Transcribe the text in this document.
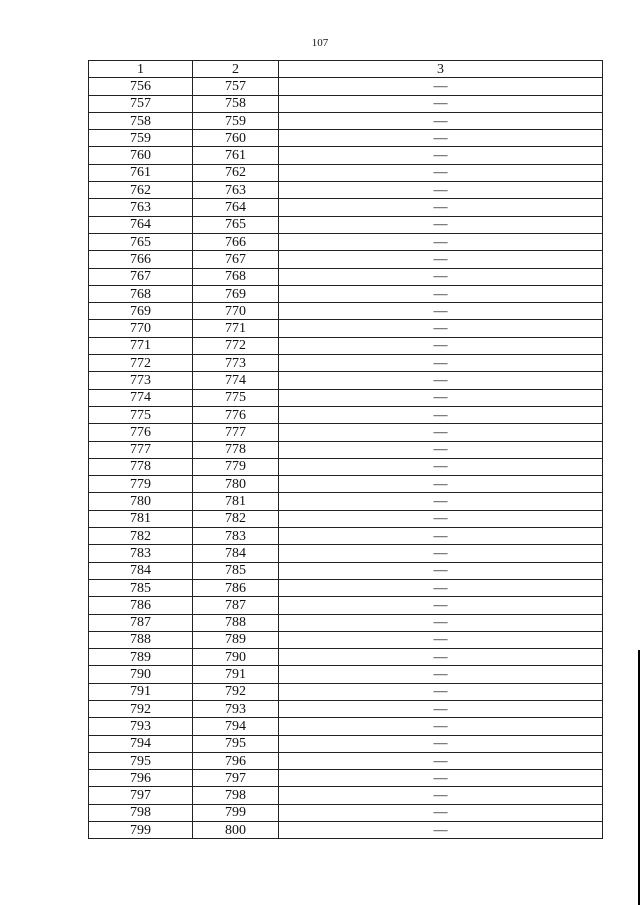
107
1	2	3
756	757	—
757	758	—
758	759	—
759	760	—
760	761	—
761	762	—
762	763	—
763	764	—
764	765	—
765	766	—
766	767	—
767	768	—
768	769	—
769	770	—
770	771	—
771	772	—
772	773	—
773	774	—
774	775	—
775	776	—
776	777	—
777	778	—
778	779	—
779	780	—
780	781	—
781	782	—
782	783	—
783	784	—
784	785	—
785	786	—
786	787	—
787	788	—
788	789	—
789	790	—
790	791	—
791	792	—
792	793	—
793	794	—
794	795	—
795	796	—
796	797	—
797	798	—
798	799	—
799	800	—
